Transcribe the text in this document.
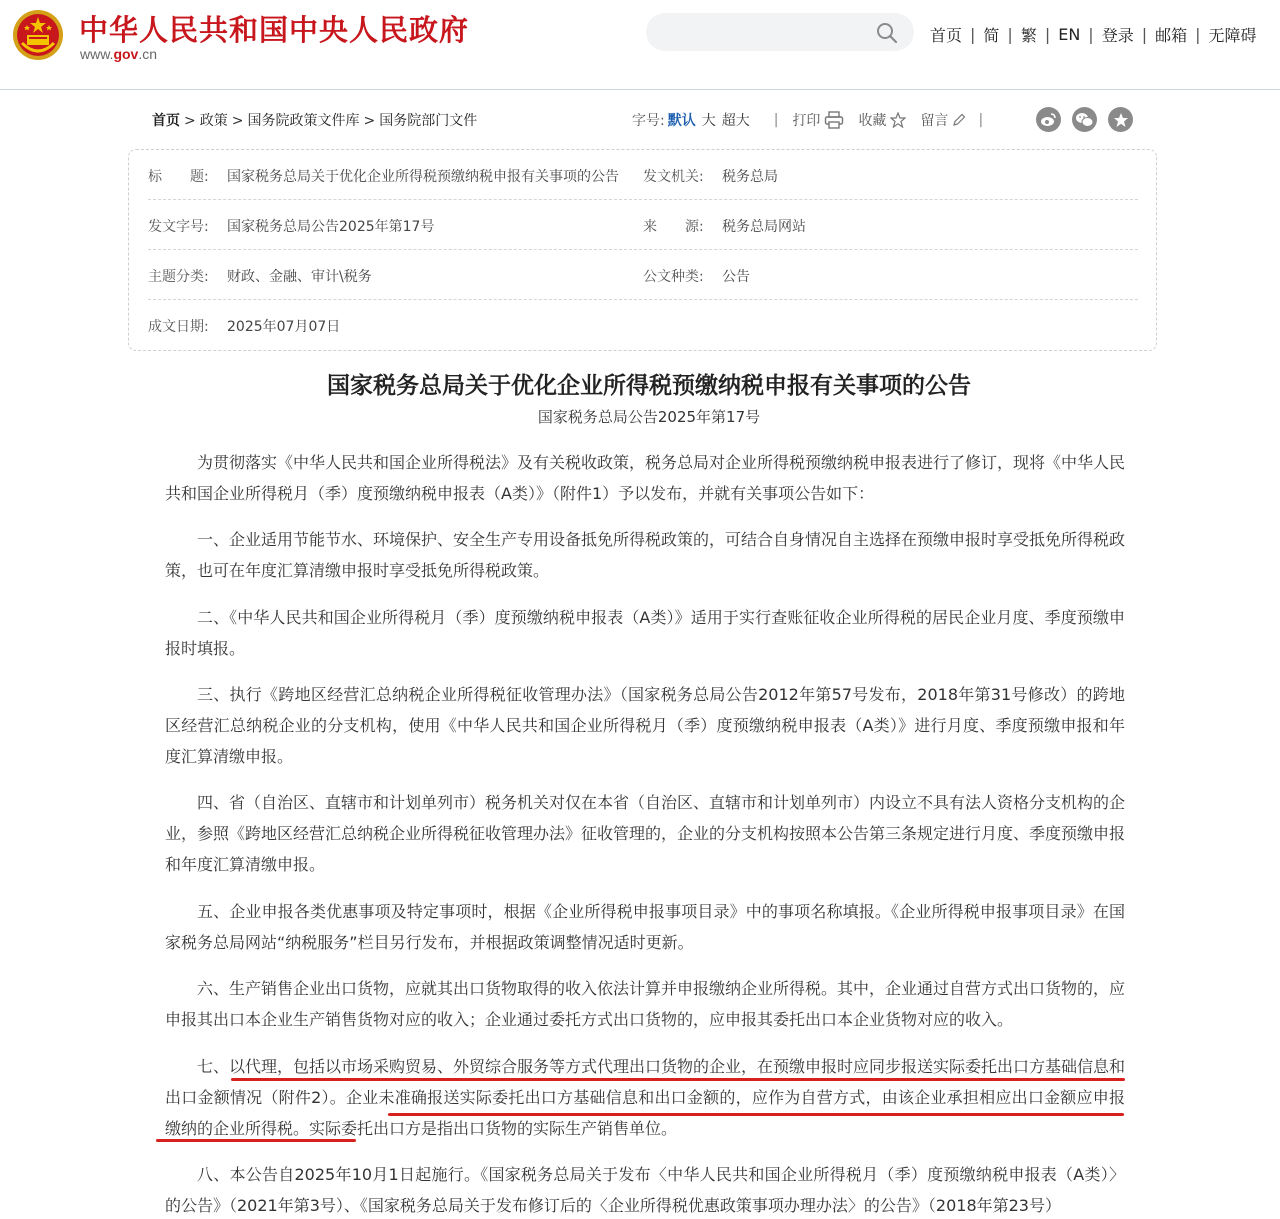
中华人民共和国中央人民政府
www.gov.cn
首页 | 简 | 繁 | EN | 登录 | 邮箱 | 无障碍
首页 > 政策 > 国务院政策文件库 > 国务院部门文件	字号: 默认 大 超大 | 打印	收藏 留言 |
标　　题: 国家税务总局关于优化企业所得税预缴纳税申报有关事项的公告 发文机关: 税务总局
发文字号: 国家税务总局公告2025年第17号	来　　源: 税务总局网站
主题分类: 财政、金融、审计\税务	公文种类: 公告
成文日期: 2025年07月07日
国家税务总局关于优化企业所得税预缴纳税申报有关事项的公告
国家税务总局公告2025年第17号

为贯彻落实《中华人民共和国企业所得税法》及有关税收政策，税务总局对企业所得税预缴纳税申报表进行了修订，现将《中华人民共和国企业所得税月（季）度预缴纳税申报表（A类）》（附件1）予以发布，并就有关事项公告如下：

一、企业适用节能节水、环境保护、安全生产专用设备抵免所得税政策的，可结合自身情况自主选择在预缴申报时享受抵免所得税政策，也可在年度汇算清缴申报时享受抵免所得税政策。

二、《中华人民共和国企业所得税月（季）度预缴纳税申报表（A类）》适用于实行查账征收企业所得税的居民企业月度、季度预缴申报时填报。

三、执行《跨地区经营汇总纳税企业所得税征收管理办法》（国家税务总局公告2012年第57号发布，2018年第31号修改）的跨地区经营汇总纳税企业的分支机构，使用《中华人民共和国企业所得税月（季）度预缴纳税申报表（A类）》进行月度、季度预缴申报和年度汇算清缴申报。

四、省（自治区、直辖市和计划单列市）税务机关对仅在本省（自治区、直辖市和计划单列市）内设立不具有法人资格分支机构的企业，参照《跨地区经营汇总纳税企业所得税征收管理办法》征收管理的，企业的分支机构按照本公告第三条规定进行月度、季度预缴申报和年度汇算清缴申报。

五、企业申报各类优惠事项及特定事项时，根据《企业所得税申报事项目录》中的事项名称填报。《企业所得税申报事项目录》在国家税务总局网站“纳税服务”栏目另行发布，并根据政策调整情况适时更新。

六、生产销售企业出口货物，应就其出口货物取得的收入依法计算并申报缴纳企业所得税。其中，企业通过自营方式出口货物的，应申报其出口本企业生产销售货物对应的收入；企业通过委托方式出口货物的，应申报其委托出口本企业货物对应的收入。

七、以代理，包括以市场采购贸易、外贸综合服务等方式代理出口货物的企业，在预缴申报时应同步报送实际委托出口方基础信息和出口金额情况（附件2）。企业未准确报送实际委托出口方基础信息和出口金额的，应作为自营方式，由该企业承担相应出口金额应申报缴纳的企业所得税。实际委托出口方是指出口货物的实际生产销售单位。

八、本公告自2025年10月1日起施行。《国家税务总局关于发布〈中华人民共和国企业所得税月（季）度预缴纳税申报表（A类）〉的公告》（2021年第3号）、《国家税务总局关于发布修订后的〈企业所得税优惠政策事项办理办法〉的公告》（2018年第23号）
